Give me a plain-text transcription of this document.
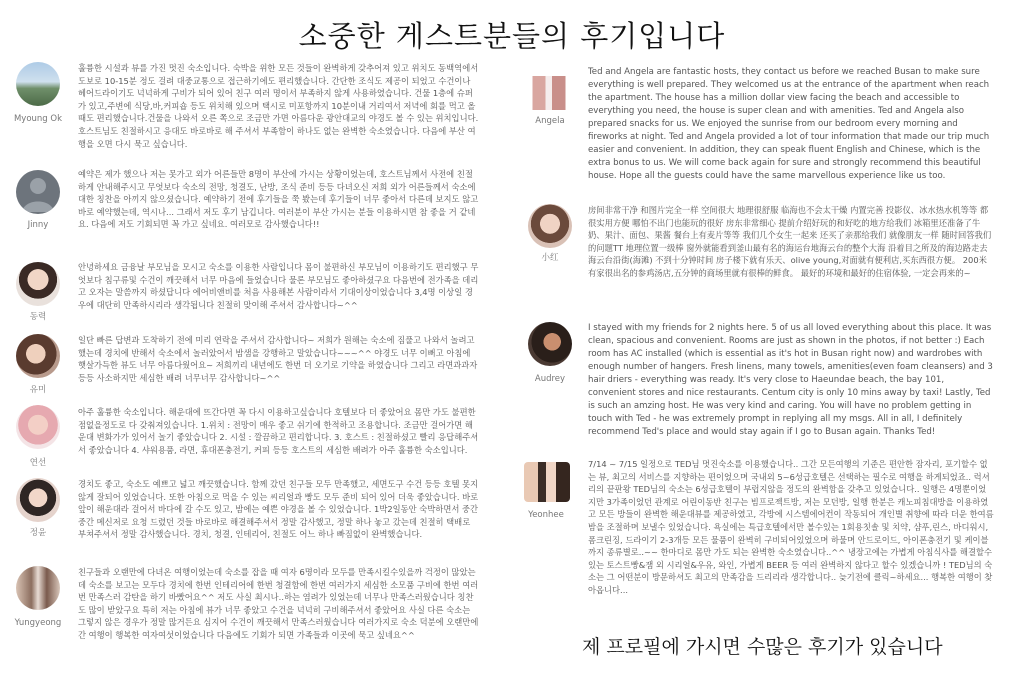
소중한 게스트분들의 후기입니다
Myoung Ok
훌륭한 시설과 뷰를 가진 멋진 숙소입니다. 숙박을 위한 모든 것들이 완벽하게 갖추어져 있고 위치도 동백역에서 도보로 10-15분 정도 걸려 대중교통으로 접근하기에도 편리했습니다. 간단한 조식도 제공이 되었고 수건이나 헤어드라이기도 넉넉하게 구비가 되어 있어 친구 여러 명이서 부족하지 않게 사용하였습니다. 건물 1층에 슈퍼가 있고,주변에 식당,바,커피숍 등도 위치해 있으며 택시로 미포항까지 10분이내 거리여서 저녁에 회를 먹고 올 때도 편리했습니다.건물을 나와서 오른 쪽으로 조금만 가면 아름다운 광안대교의 야경도 볼 수 있는 위치입니다. 호스트님도 친절하시고 응대도 바로바로 해 주셔서 부족함이 하나도 없는 완벽한 숙소였습니다. 다음에 부산 여행을 오면 다시 묵고 싶습니다.
Jinny
예약은 제가 했으나 저는 못가고 외가 어른들만 8명이 부산에 가시는 상황이었는데, 호스트님께서 사전에 친절하게 안내해주시고 무엇보다 숙소의 전망, 청결도, 난방, 조식 준비 등등 다녀오신 저희 외가 어른들께서 숙소에 대한 칭찬을 아끼지 않으셨습니다. 예약하기 전에 후기들을 쭉 봤는데 후기들이 너무 좋아서 다른데 보지도 않고 바로 예약했는데, 역시나... 그래서 저도 후기 남깁니다. 여러분이 부산 가시는 분들 이용하시면 참 좋을 거 같네요. 다음에 저도 기회되면 꼭 가고 싶네요. 여러모로 감사했습니다!!
동력
안녕하세요 금융날 부모님을 모시고 숙소를 이용한 사람입니다 몸이 불편하신 부모님이 이용하기도 편리했구 무엇보다 침구류및 수건이 깨끗해서 너무 마음에 들었습니다 물론 부모님도 좋아하셨구요 다음번에 전가족을 데리고 오자는 말씀까지 하셨답니다 에어비앤비를 처음 사용해본 사람이라서 기대이상이었습니다 3,4명 이상일 경우에 대단히 만족하시리라 생각됩니다 친절히 맞이해 주셔서 감사합니다~^^
유미
일단 빠른 답변과 도착하기 전에 미리 연락을 주셔서 감사합니다~ 저희가 원해는 숙소에 짐풀고 나와서 놀려고 했는데 경치에 반해서 숙소에서 놀러았어서 밤샘을 강행하고 말았습니다~~~^^ 야경도 너무 이뻐고 아침에 햇살가득한 뷰도 너무 아름다웠어요~ 저희끼리 내년에도 한번 더 오기로 기약을 하였습니다 그리고 라면과과자 등등 사소하지만 세심한 배려 너무너무 감사합니다~^^
연선
아주 훌륭한 숙소입니다. 해운대에 뜨간다면 꼭 다시 이용하고싶습니다 호텔보다 더 좋았어요 몸만 가도 불편한점없을정도로 다 갖춰져있습니다. 1.위치 : 전망이 매우 좋고 쉬기에 한적하고 조용합니다. 조금만 걸어가면 해운대 변화가가 있어서 놀기 좋았습니다 2. 시설 : 깔끔하고 편리합니다. 3. 호스트 : 친절하셨고 빨리 응답해주셔서 좋았습니다 4. 샤워용품, 라면, 휴대폰충전기, 커피 등등 호스트의 세심한 배려가 아주 훌륭한 숙소입니다.
정윤
경치도 좋고, 숙소도 예쁘고 넓고 깨끗했습니다. 함께 갔던 친구들 모두 만족했고, 세면도구 수건 등등 호텔 못지 않게 잘되어 있었습니다. 또한 아침으로 먹을 수 있는 씨리얼과 빵도 모두 준비 되어 있어 더욱 좋았습니다. 바로 앞이 해운대라 걸어서 바다에 갈 수도 있고, 밤에는 예쁜 야경을 볼 수 있었습니다. 1박2일동안 숙박하면서 중간 중간 메신저로 요청 드렸던 것들 바로바로 해결해주셔서 정말 감사했고, 정말 하나 놓고 갔는데 친절히 택배로 부쳐주셔서 정말 감사했습니다. 경치, 청결, 인테리어, 친절도 어느 하나 빠짐없이 완벽했습니다.
Yungyeong
친구들과 오랜만에 다녀온 여행이었는데 숙소를 잡을 때 여자 6명이라 모두를 만족시킬수있을까 걱정이 많았는데 숙소를 보고는 모두다 경치에 한번 인테리어에 한번 청결함에 한번 여러가지 세심한 소모품 구비에 한번 여러번 만족스러 감탄을 하기 바빴어요^^ 저도 사실 최시나..하는 염려가 있었는데 너무나 만족스러웠습니다 칭찬도 많이 받았구요 특히 저는 아침에 뷰가 너무 좋았고 수건을 넉넉히 구비해주셔서 좋았어요 사실 다른 숙소는 그렇지 않은 경우가 정말 많거든요 심지어 수건이 깨끗해서 만족스러웠습니다 여러가지로 숙소 덕분에 오랜만에 간 여행이 행복한 여자여섯이었습니다 다음에도 기회가 되면 가족들과 이곳에 묵고 싶네요^^
Angela
Ted and Angela are fantastic hosts, they contact us before we reached Busan to make sure everything is well prepared. They welcomed us at the entrance of the apartment when reach the apartment. The house has a million dollar view facing the beach and accessible to everything you need, the house is super clean and with amenities. Ted and Angela also prepared snacks for us. We enjoyed the sunrise from our bedroom every morning and fireworks at night. Ted and Angela provided a lot of tour information that made our trip much easier and convenient. In addition, they can speak fluent English and Chinese, which is the extra bonus to us. We will come back again for sure and strongly recommend this beautiful house. Hope all the guests could have the same marvellous experience like us too.
小红
房间非常干净 和图片完全一样 空间很大 地理很舒服 临海也不会太干燥 内置完善 投影仪、冰水热水机等等 都很实用方便 哪怕不出门也能玩的很好 房东非常细心 提前介绍好玩的和好吃的地方给我们 冰箱里还准备了牛奶、果汁、面包、果酱 餐台上有麦片等等 我们几个女生一起来 还买了亲那给我们 就像朋友一样 随时回答我们的问题TT 地理位置一级棒 窗外就能看到釜山最有名的海运台地海云台的整个大海 沿着目之所及的海边路走去海云台沿街(海滩) 不到十分钟时间 房子楼下就有乐天、olive young,对面就有便利店,买东西很方便。 200米有家很出名的参鸡汤店,五分钟的商场里就有很棒的鲜食。 最好的环境和最好的住宿体验, 一定会再来的~
Audrey
I stayed with my friends for 2 nights here. 5 of us all loved everything about this place. It was clean, spacious and convenient. Rooms are just as shown in the photos, if not better :) Each room has AC installed (which is essential as it's hot in Busan right now) and wardrobes with enough number of hangers. Fresh linens, many towels, amenities(even foam cleansers) and 3 hair driers - everything was ready. It's very close to Haeundae beach, the bay 101, convenient stores and nice restaurants. Centum city is only 10 mins away by taxi! Lastly, Ted is such an amzing host. He was very kind and caring. You will have no problem getting in touch with Ted - he was extremely prompt in replying all my msgs. All in all, I definitely recommend Ted's place and would stay again if I go to Busan again. Thanks Ted!
Yeonhee
7/14 ~ 7/15 일정으로 TED님 멋진숙소를 이용했습니다.. 그간 모든여행의 기준은 편안한 잠자리, 포기할수 없는 뷰, 최고의 서비스를 지향하는 편이었으며 국내외 5~6성급호텔은 선택하는 필수로 여행을 하게되었죠.. 럭셔리의 끝판왕 TED님의 숙소는 6성급호텔이 부럽지않을 정도의 완벽함을 갖추고 있었습니다.. 일행은 4명뿐이었지만 3가족이었던 관계로 어린이동반 친구는 빔프로젝트방, 저는 모던방, 일행 한분은 캐노피침대방을 이용하였고 모든 방들이 완벽한 해운대뷰를 제공하였고, 각방에 시스템에어컨이 작동되어 개인별 취향에 따라 더운 한여름밤을 조절하며 보낼수 있었습니다. 욕실에는 특급호텔에서만 볼수있는 1회용칫솔 및 치약, 샴푸,린스, 바디워시, 폼크린징, 드라이기 2-3개등 모든 물품이 완벽히 구비되어있었으며 하물며 안드로이드, 아이폰충전기 및 케이블까지 종류별로..~~ 한마디로 몸만 가도 되는 완벽한 숙소였습니다..^^ 냉장고에는 가볍게 아침식사를 해결할수 있는 토스트빵&잼 외 시리얼&우유, 와인, 가볍게 BEER 등 여러 완벽하지 않다고 할수 있겠습니까 ! TED님의 숙소는 그 어떤분이 방문하셔도 최고의 만족감을 드리리라 생각합니다.. 늦기전에 클릭~하세요... 행복한 여행이 찾아옵니다...
제 프로필에 가시면 수많은 후기가 있습니다
